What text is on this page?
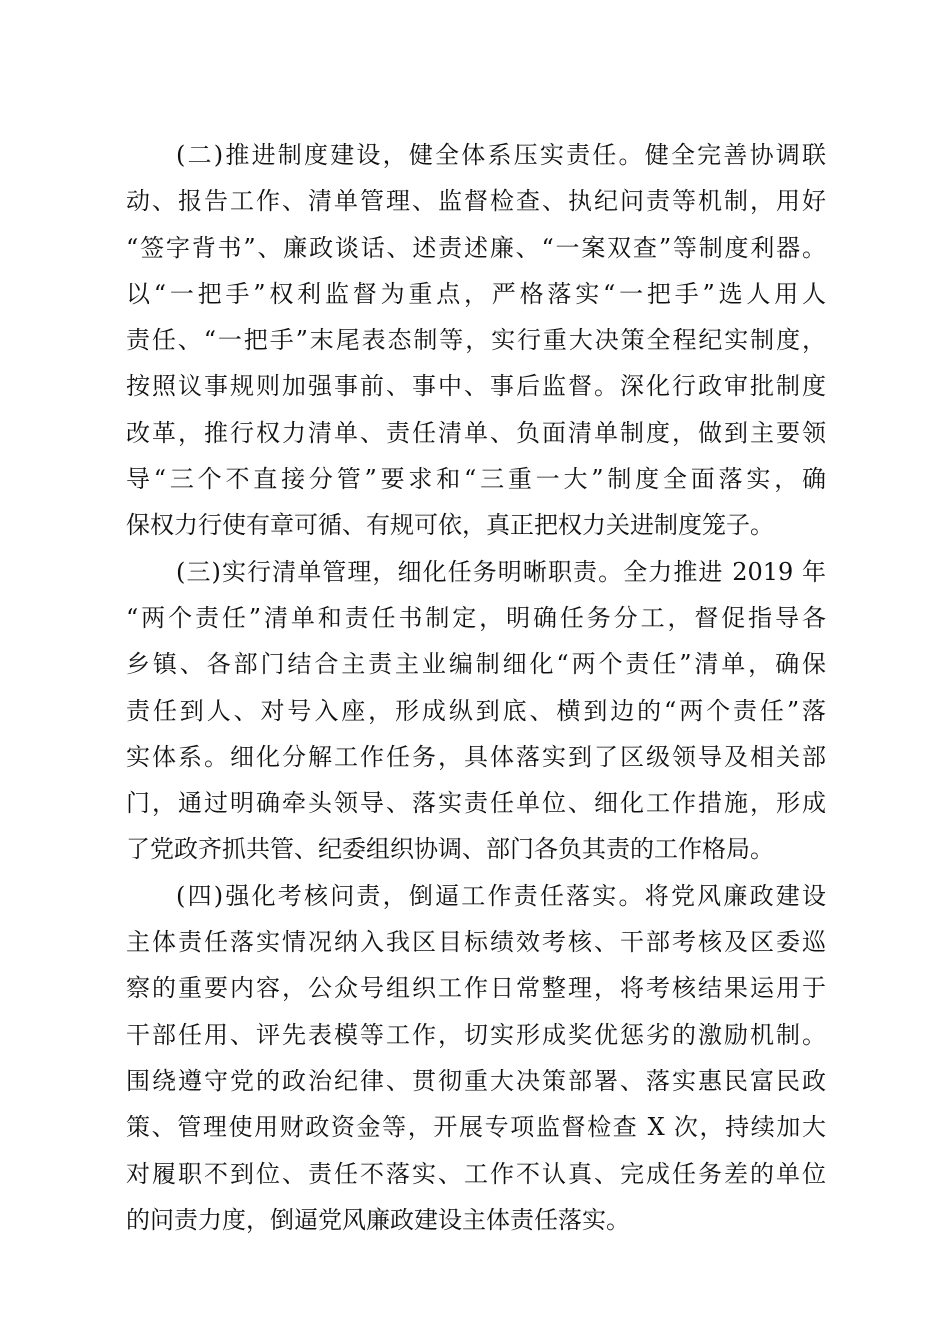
(二)推进制度建设，健全体系压实责任。健全完善协调联
动、报告工作、清单管理、监督检查、执纪问责等机制，用好
“签字背书”、廉政谈话、述责述廉、“一案双查”等制度利器。
以“一把手”权利监督为重点，严格落实“一把手”选人用人
责任、“一把手”末尾表态制等，实行重大决策全程纪实制度，
按照议事规则加强事前、事中、事后监督。深化行政审批制度
改革，推行权力清单、责任清单、负面清单制度，做到主要领
导“三个不直接分管”要求和“三重一大”制度全面落实，确
保权力行使有章可循、有规可依，真正把权力关进制度笼子。
(三)实行清单管理，细化任务明晰职责。全力推进 2019 年
“两个责任”清单和责任书制定，明确任务分工，督促指导各
乡镇、各部门结合主责主业编制细化“两个责任”清单，确保
责任到人、对号入座，形成纵到底、横到边的“两个责任”落
实体系。细化分解工作任务，具体落实到了区级领导及相关部
门，通过明确牵头领导、落实责任单位、细化工作措施，形成
了党政齐抓共管、纪委组织协调、部门各负其责的工作格局。
(四)强化考核问责，倒逼工作责任落实。将党风廉政建设
主体责任落实情况纳入我区目标绩效考核、干部考核及区委巡
察的重要内容，公众号组织工作日常整理，将考核结果运用于
干部任用、评先表模等工作，切实形成奖优惩劣的激励机制。
围绕遵守党的政治纪律、贯彻重大决策部署、落实惠民富民政
策、管理使用财政资金等，开展专项监督检查 X 次，持续加大
对履职不到位、责任不落实、工作不认真、完成任务差的单位
的问责力度，倒逼党风廉政建设主体责任落实。
